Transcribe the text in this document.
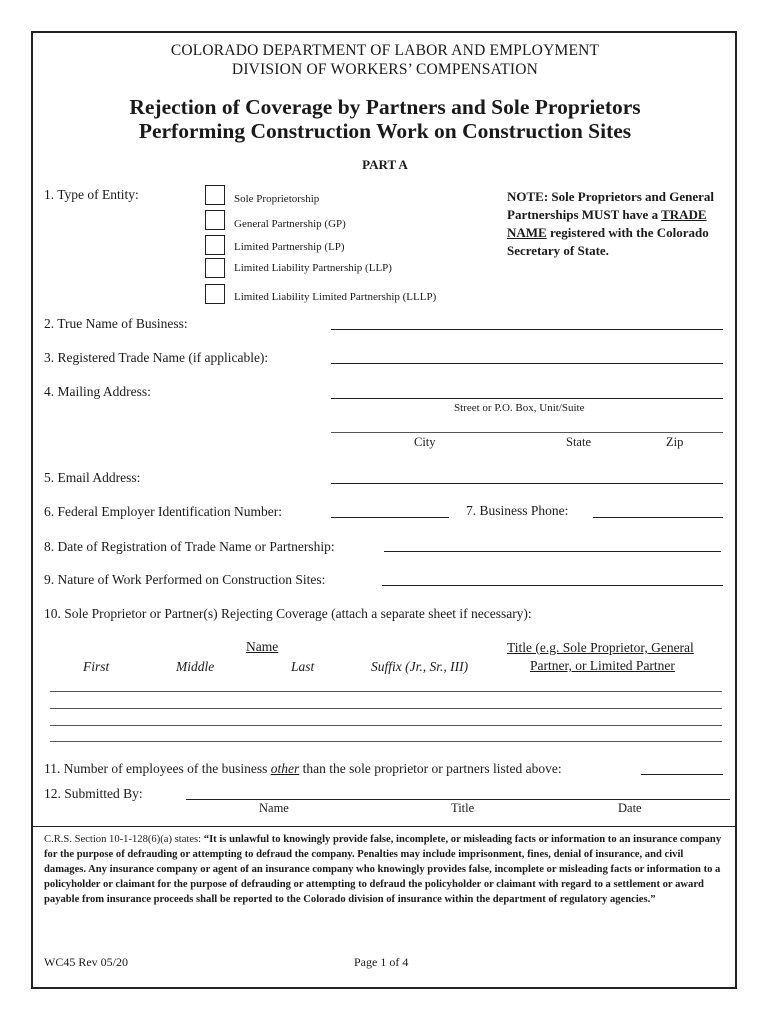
COLORADO DEPARTMENT OF LABOR AND EMPLOYMENT
DIVISION OF WORKERS’ COMPENSATION
Rejection of Coverage by Partners and Sole Proprietors
Performing Construction Work on Construction Sites
PART A
1. Type of Entity:	Sole Proprietorship
General Partnership (GP)
Limited Partnership (LP)
Limited Liability Partnership (LLP)
Limited Liability Limited Partnership (LLLP)
NOTE: Sole Proprietors and General Partnerships MUST have a TRADE NAME registered with the Colorado Secretary of State.
2. True Name of Business:
3. Registered Trade Name (if applicable):
4. Mailing Address:
Street or P.O. Box, Unit/Suite
City	State	Zip
5. Email Address:
6. Federal Employer Identification Number:	7. Business Phone:
8. Date of Registration of Trade Name or Partnership:
9. Nature of Work Performed on Construction Sites:
10. Sole Proprietor or Partner(s) Rejecting Coverage (attach a separate sheet if necessary):
Name
First	Middle	Last	Suffix (Jr., Sr., III)
Title (e.g. Sole Proprietor, General
Partner, or Limited Partner
11. Number of employees of the business other than the sole proprietor or partners listed above:
12. Submitted By:
Name	Title	Date
C.R.S. Section 10-1-128(6)(a) states: “It is unlawful to knowingly provide false, incomplete, or misleading facts or information to an insurance company for the purpose of defrauding or attempting to defraud the company. Penalties may include imprisonment, fines, denial of insurance, and civil damages. Any insurance company or agent of an insurance company who knowingly provides false, incomplete or misleading facts or information to a policyholder or claimant for the purpose of defrauding or attempting to defraud the policyholder or claimant with regard to a settlement or award payable from insurance proceeds shall be reported to the Colorado division of insurance within the department of regulatory agencies.”
WC45 Rev 05/20	Page 1 of 4
